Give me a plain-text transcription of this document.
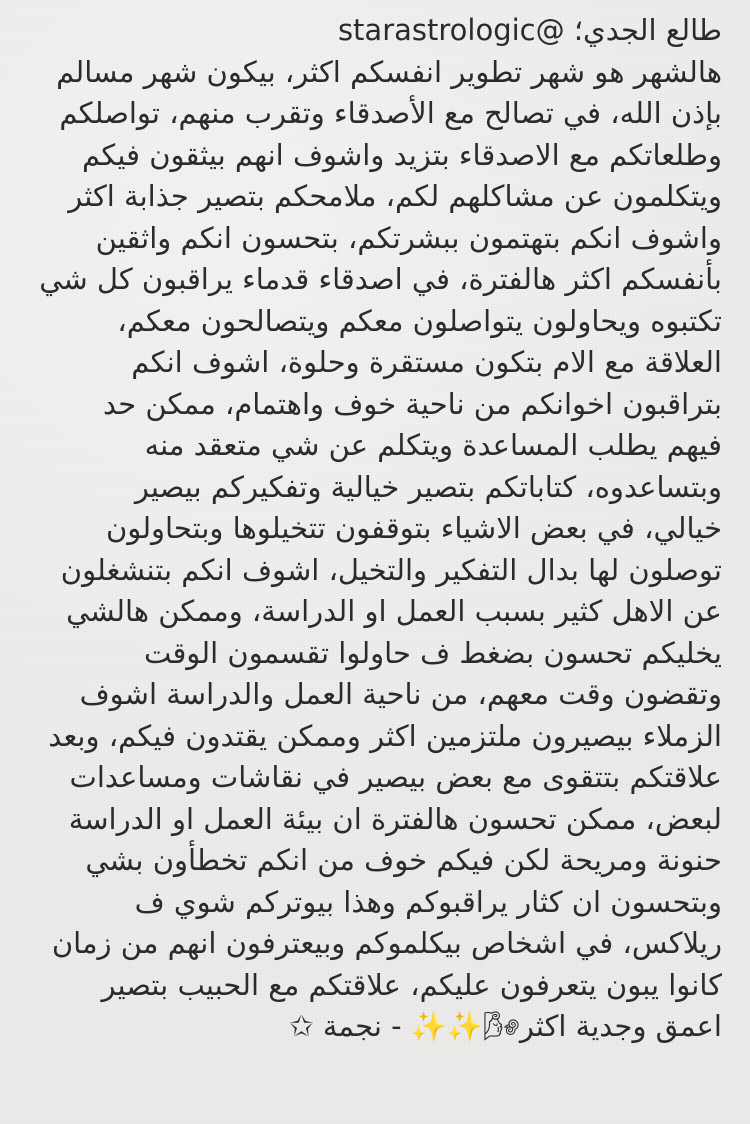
طالع الجدي؛ @starastrologic
هالشهر هو شهر تطوير انفسكم اكثر، بيكون شهر مسالم
بإذن الله، في تصالح مع الأصدقاء وتقرب منهم، تواصلكم
وطلعاتكم مع الاصدقاء بتزيد واشوف انهم بيثقون فيكم
ويتكلمون عن مشاكلهم لكم، ملامحكم بتصير جذابة اكثر
واشوف انكم بتهتمون ببشرتكم، بتحسون انكم واثقين
بأنفسكم اكثر هالفترة، في اصدقاء قدماء يراقبون كل شي
تكتبوه ويحاولون يتواصلون معكم ويتصالحون معكم،
العلاقة مع الام بتكون مستقرة وحلوة، اشوف انكم
بتراقبون اخوانكم من ناحية خوف واهتمام، ممكن حد
فيهم يطلب المساعدة ويتكلم عن شي متعقد منه
وبتساعدوه، كتاباتكم بتصير خيالية وتفكيركم بيصير
خيالي، في بعض الاشياء بتوقفون تتخيلوها وبتحاولون
توصلون لها بدال التفكير والتخيل، اشوف انكم بتنشغلون
عن الاهل كثير بسبب العمل او الدراسة، وممكن هالشي
يخليكم تحسون بضغط ف حاولوا تقسمون الوقت
وتقضون وقت معهم، من ناحية العمل والدراسة اشوف
الزملاء بيصيرون ملتزمين اكثر وممكن يقتدون فيكم، وبعد
علاقتكم بتتقوى مع بعض بيصير في نقاشات ومساعدات
لبعض، ممكن تحسون هالفترة ان بيئة العمل او الدراسة
حنونة ومريحة لكن فيكم خوف من انكم تخطأون بشي
وبتحسون ان كثار يراقبوكم وهذا بيوتركم شوي ف
ريلاكس، في اشخاص بيكلموكم وبيعترفون انهم من زمان
كانوا يبون يتعرفون عليكم، علاقتكم مع الحبيب بتصير
اعمق وجدية اكثر🌬✨✨ - نجمة ✩
